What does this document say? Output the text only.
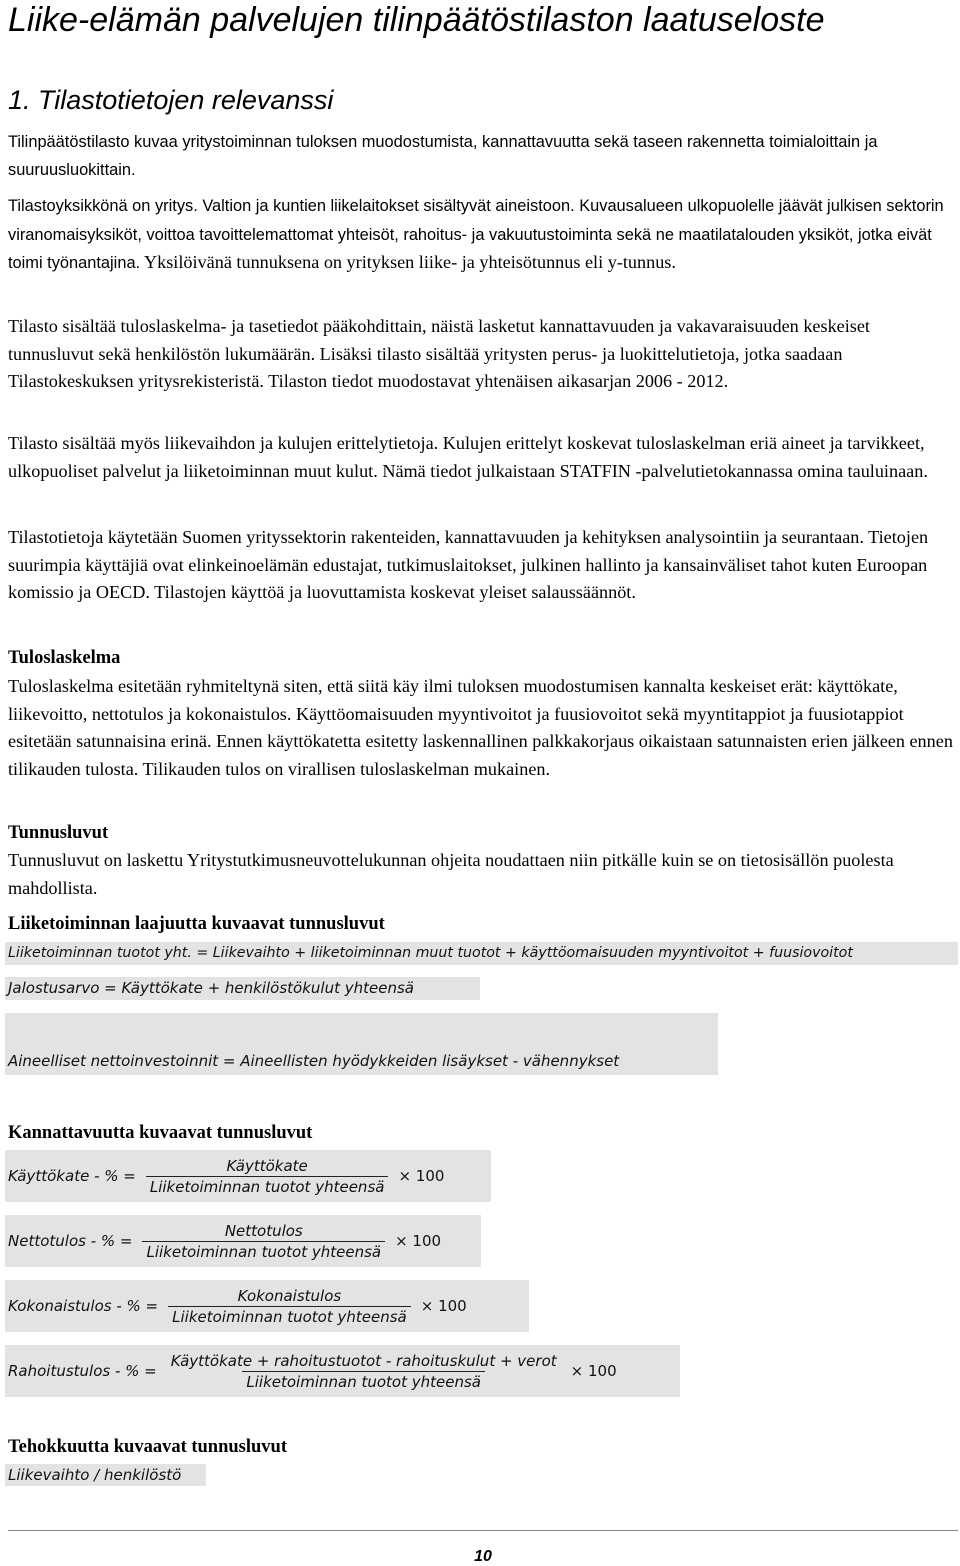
Liike-elämän palvelujen tilinpäätöstilaston laatuseloste
1. Tilastotietojen relevanssi

Tilinpäätöstilasto kuvaa yritystoiminnan tuloksen muodostumista, kannattavuutta sekä taseen rakennetta toimialoittain ja suuruusluokittain.

Tilastoyksikkönä on yritys. Valtion ja kuntien liikelaitokset sisältyvät aineistoon. Kuvausalueen ulkopuolelle jäävät julkisen sektorin viranomaisyksiköt, voittoa tavoittelemattomat yhteisöt, rahoitus- ja vakuutustoiminta sekä ne maatilatalouden yksiköt, jotka eivät toimi työnantajina. Yksilöivänä tunnuksena on yrityksen liike- ja yhteisötunnus eli y-tunnus.

Tilasto sisältää tuloslaskelma- ja tasetiedot pääkohdittain, näistä lasketut kannattavuuden ja vakavaraisuuden keskeiset tunnusluvut sekä henkilöstön lukumäärän. Lisäksi tilasto sisältää yritysten perus- ja luokittelutietoja, jotka saadaan Tilastokeskuksen yritysrekisteristä. Tilaston tiedot muodostavat yhtenäisen aikasarjan 2006 - 2012.

Tilasto sisältää myös liikevaihdon ja kulujen erittelytietoja. Kulujen erittelyt koskevat tuloslaskelman eriä aineet ja tarvikkeet, ulkopuoliset palvelut ja liiketoiminnan muut kulut. Nämä tiedot julkaistaan STATFIN -palvelutietokannassa omina tauluinaan.

Tilastotietoja käytetään Suomen yrityssektorin rakenteiden, kannattavuuden ja kehityksen analysointiin ja seurantaan. Tietojen suurimpia käyttäjiä ovat elinkeinoelämän edustajat, tutkimuslaitokset, julkinen hallinto ja kansainväliset tahot kuten Euroopan komissio ja OECD. Tilastojen käyttöä ja luovuttamista koskevat yleiset salaussäännöt.

Tuloslaskelma

Tuloslaskelma esitetään ryhmiteltynä siten, että siitä käy ilmi tuloksen muodostumisen kannalta keskeiset erät: käyttökate, liikevoitto, nettotulos ja kokonaistulos. Käyttöomaisuuden myyntivoitot ja fuusiovoitot sekä myyntitappiot ja fuusiotappiot esitetään satunnaisina erinä. Ennen käyttökatetta esitetty laskennallinen palkkakorjaus oikaistaan satunnaisten erien jälkeen ennen tilikauden tulosta. Tilikauden tulos on virallisen tuloslaskelman mukainen.

Tunnusluvut

Tunnusluvut on laskettu Yritystutkimusneuvottelukunnan ohjeita noudattaen niin pitkälle kuin se on tietosisällön puolesta mahdollista.

Liiketoiminnan laajuutta kuvaavat tunnusluvut
Liiketoiminnan tuotot yht. = Liikevaihto + liiketoiminnan muut tuotot + käyttöomaisuuden myyntivoitot + fuusiovoitot
Jalostusarvo = Käyttökate + henkilöstökulut yhteensä
Aineelliset nettoinvestoinnit = Aineellisten hyödykkeiden lisäykset - vähennykset
Kannattavuutta kuvaavat tunnusluvut
Käyttökate - % = $\frac{\text{Käyttökate}}{\text{Liiketoiminnan tuotot yhteensä}} \times 100$
Nettotulos - % = $\frac{\text{Nettotulos}}{\text{Liiketoiminnan tuotot yhteensä}} \times 100$
Kokonaistulos - % = $\frac{\text{Kokonaistulos}}{\text{Liiketoiminnan tuotot yhteensä}} \times 100$
Rahoitustulos - % = $\frac{\text{Käyttökate + rahoitustuotot - rahoituskulut + verot}}{\text{Liiketoiminnan tuotot yhteensä}} \times 100$
Tehokkuutta kuvaavat tunnusluvut
Liikevaihto / henkilöstö
10
